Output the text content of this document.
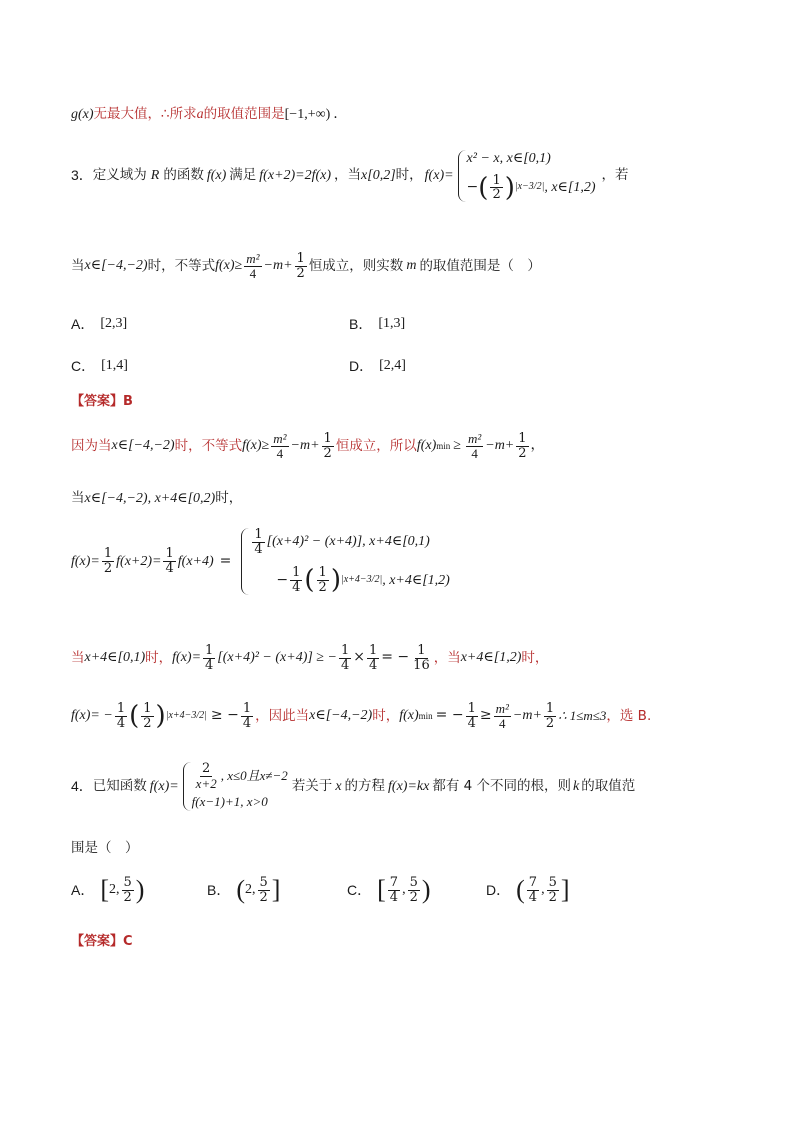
g(x) 无最大值，∴所求 a 的取值范围是 [−1,+∞) .
3． 定义域为 R 的函数 f(x) 满足 f(x+2)=2f(x) ，当 x[0,2] 时， f(x)=
x² − x, x∈[0,1)
− ( $\frac{1}{2}$ ) |x−3/2| , x∈[1,2)
，若
当 x∈[−4,−2) 时，不等式 $f(x)\ge \frac{\text{m²}}{4} -m+ \frac{1}{2}$ 恒成立，则实数 m 的取值范围是（　）
A． [2,3]	B． [1,3]
C． [1,4]	D． [2,4]
【答案】B
因为当 x∈[−4,−2) 时，不等式 $f(x)\ge \frac{\text{m²}}{4} -m+ \frac{1}{2}$ 恒成立，所以 f(x) $\min \ge \frac{\text{m²}}{4} -m+ \frac{1}{2}$ ，
当 x∈[−4,−2), x+4∈[0,2) 时，
$f(x)= \frac{1}{2} f(x+2)= \frac{1}{4} f(x+4)$ =
$\frac{1}{4} [(x+4)^2 - (x+4)]$, x+4∈[0,1)
− $\frac{1}{4}$ ( $\frac{1}{2}$ ) |x+4−3/2| , x+4∈[1,2)
当 x+4∈[0,1) 时， $f(x)= \frac{1}{4} [(x+4)^2 - (x+4)]$ ≥ − $\frac{1}{4} \times \frac{1}{4}$ = − $\frac{1}{16}$ ，当 x+4∈[1,2) 时，
$f(x)= - \frac{1}{4}$ ( $\frac{1}{2}$ ) |x+4−3/2| ≥ − $\frac{1}{4}$ ，因此当 x∈[−4,−2) 时， f(x) min = − $\frac{1}{4} \ge \frac{\text{m²}}{4} -m+ \frac{1}{2}$ ∴ 1≤m≤3 ，选 B.
4． 已知函数 $f(x)= \frac{2}{x+2}$ , x≤0且x≠−2
f(x−1)+1, x>0
若关于 x 的方程 f(x)=kx 都有 4 个不同的根，则 k 的取值范
围是（　）
A． [ 2 , $\frac{5}{2}$ )	B． ( 2 , $\frac{5}{2}$ ]	C． [ $\frac{7}{4}$ , $\frac{5}{2}$ )	D． ( $\frac{7}{4}$ , $\frac{5}{2}$ ]
【答案】C
